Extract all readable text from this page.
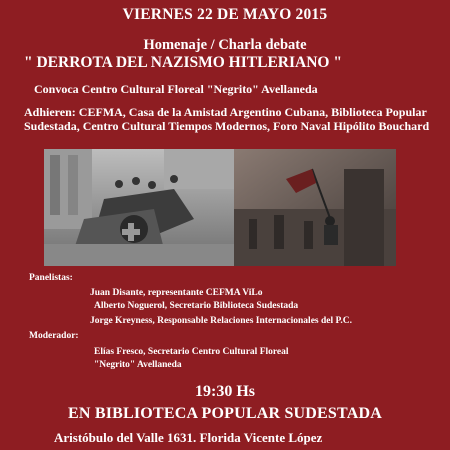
VIERNES 22 DE MAYO 2015
Homenaje / Charla debate
" DERROTA DEL NAZISMO HITLERIANO "
Convoca Centro Cultural Floreal "Negrito" Avellaneda
Adhieren: CEFMA, Casa de la Amistad Argentino Cubana, Biblioteca Popular Sudestada, Centro Cultural Tiempos Modernos, Foro Naval Hipólito Bouchard
Panelistas:
Juan Disante, representante CEFMA ViLo
Alberto Noguerol, Secretario Biblioteca Sudestada
Jorge Kreyness, Responsable Relaciones Internacionales del P.C.
Moderador:
Elías Fresco, Secretario Centro Cultural Floreal
"Negrito" Avellaneda
19:30 Hs
EN BIBLIOTECA POPULAR SUDESTADA
Aristóbulo del Valle 1631. Florida Vicente López
